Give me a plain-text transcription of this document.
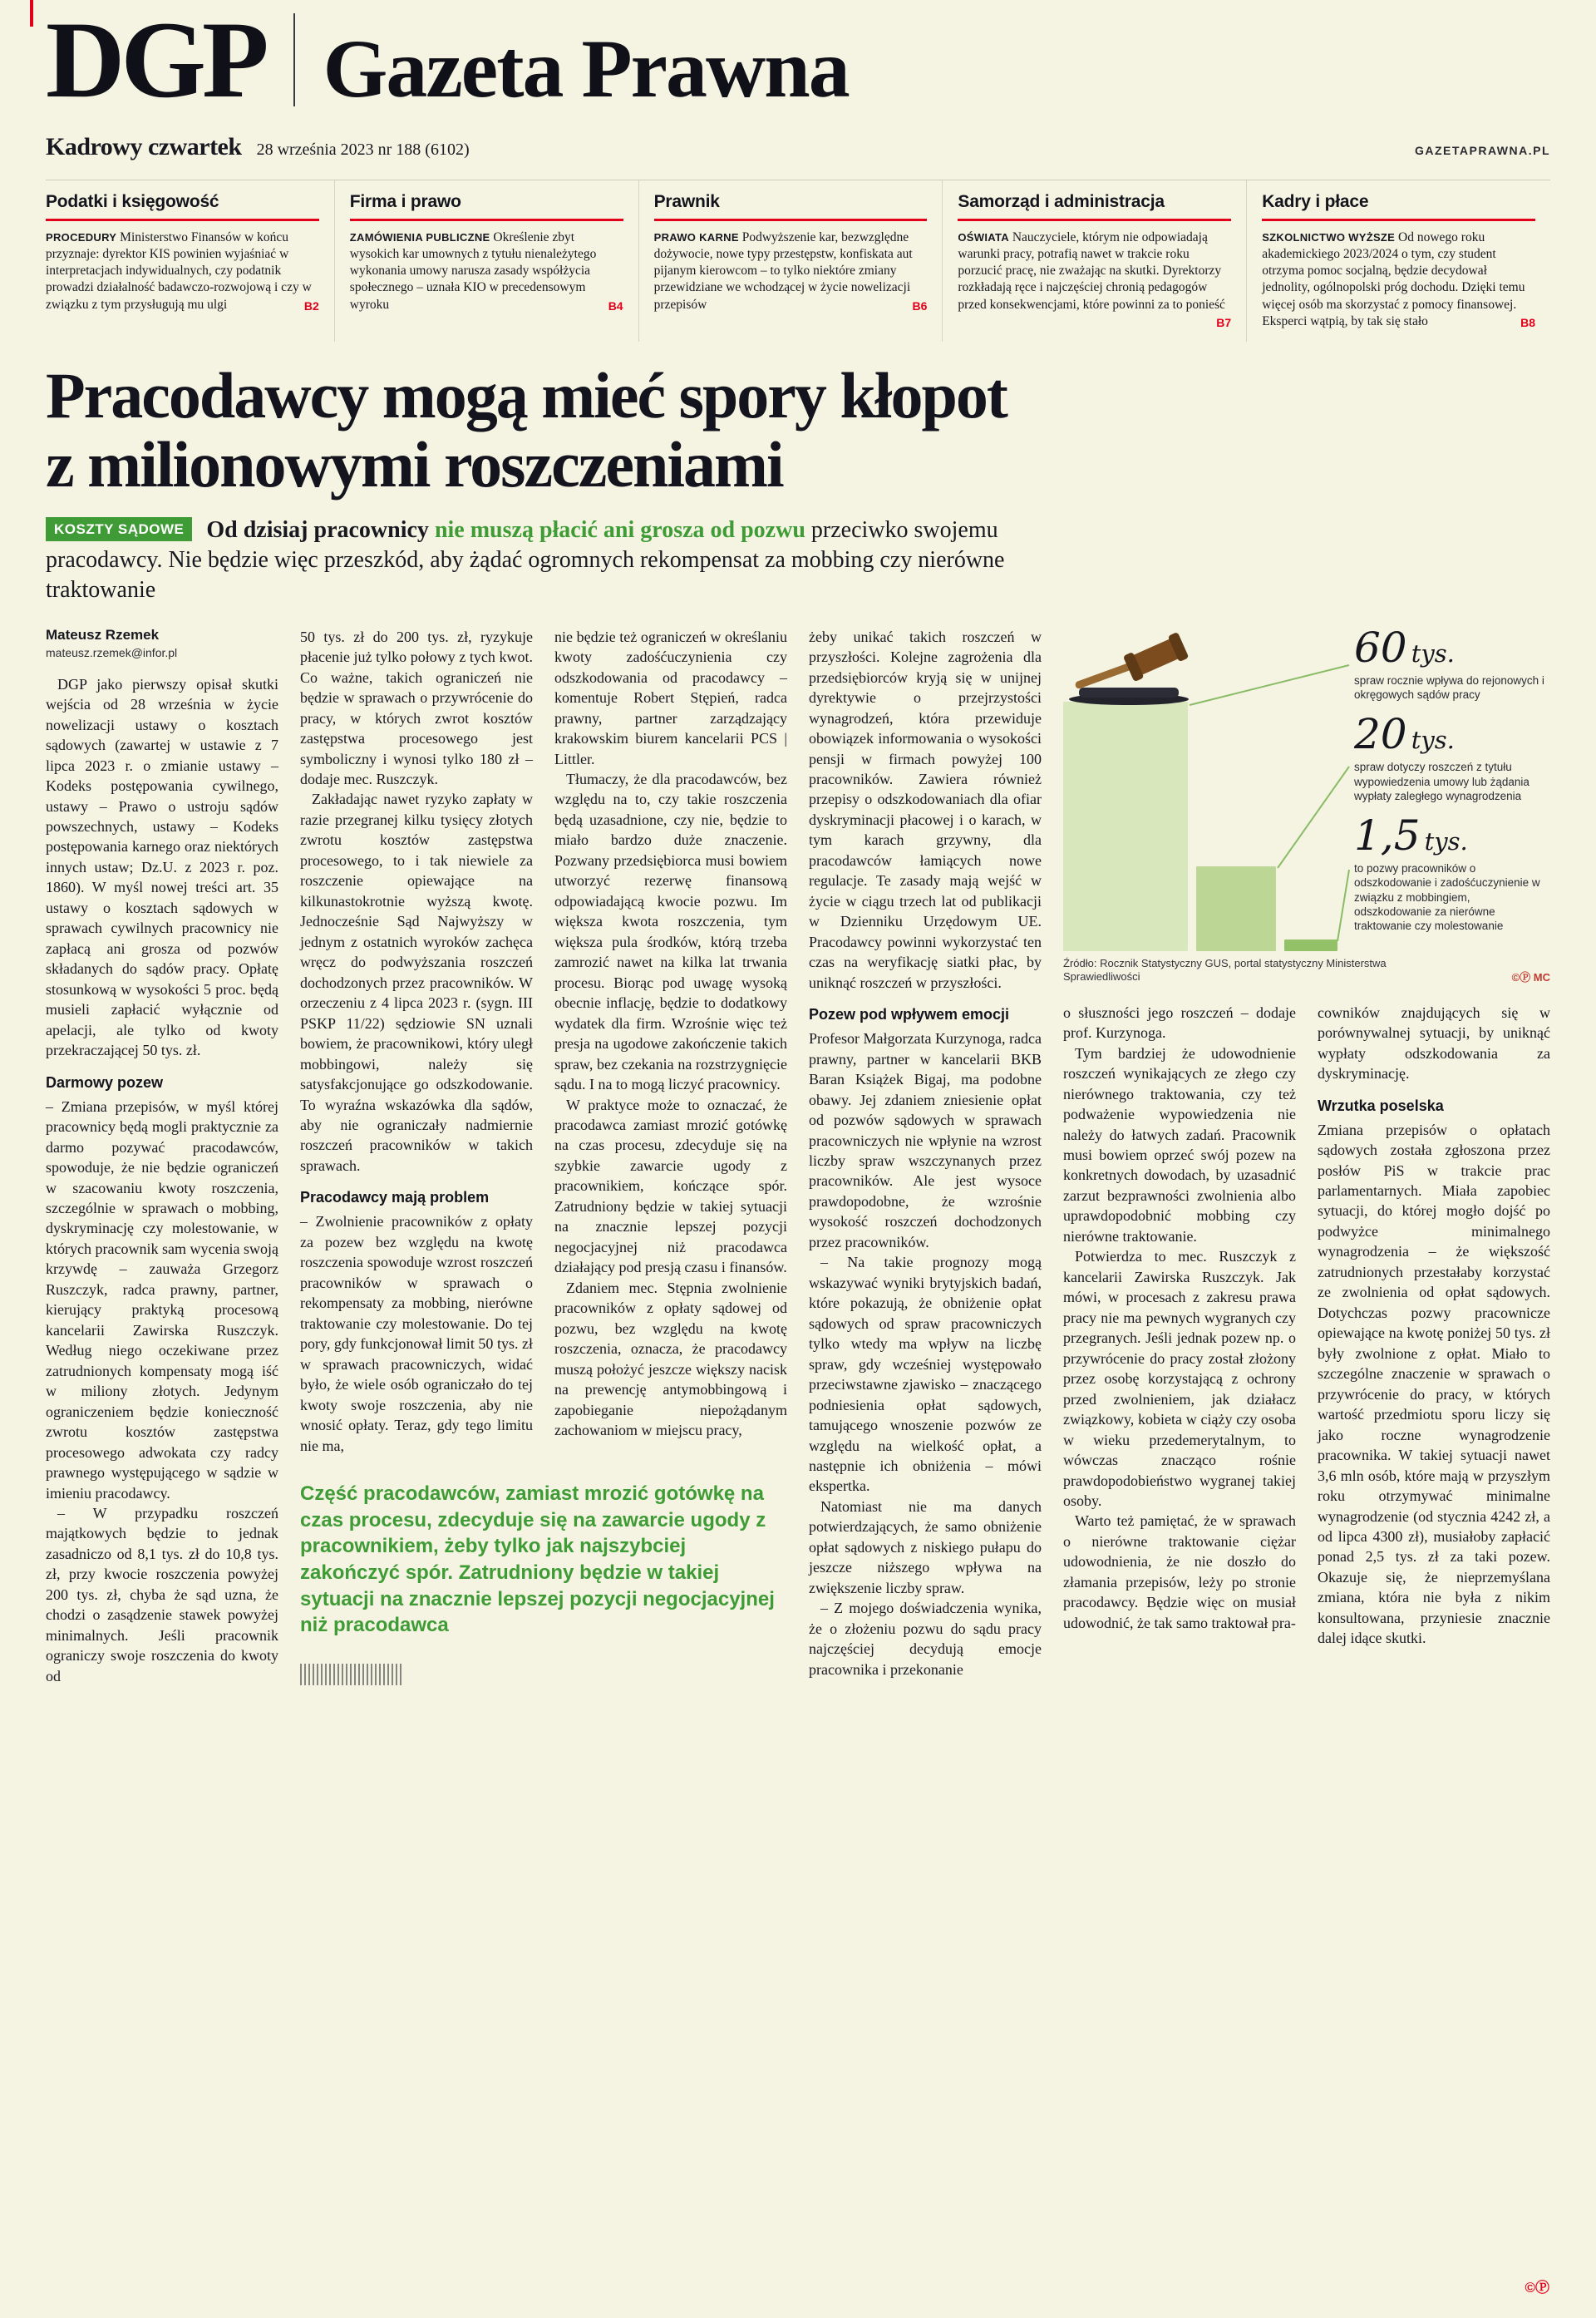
DGP Gazeta Prawna
Kadrowy czwartek 28 września 2023 nr 188 (6102)	GAZETAPRAWNA.PL
Podatki i księgowość
PROCEDURY Ministerstwo Finansów w końcu przyznaje: dyrektor KIS powinien wyjaśniać w interpretacjach indywidualnych, czy podatnik prowadzi działalność badawczo-rozwojową i czy w związku z tym przysługują mu ulgi	B2
Firma i prawo
ZAMÓWIENIA PUBLICZNE Określenie zbyt wysokich kar umownych z tytułu nienależytego wykonania umowy narusza zasady współżycia społecznego – uznała KIO w precedensowym wyroku	B4
Prawnik
PRAWO KARNE Podwyższenie kar, bezwzględne dożywocie, nowe typy przestępstw, konfiskata aut pijanym kierowcom – to tylko niektóre zmiany przewidziane we wchodzącej w życie nowelizacji przepisów	B6
Samorząd i administracja
OŚWIATA Nauczyciele, którym nie odpowiadają warunki pracy, potrafią nawet w trakcie roku porzucić pracę, nie zważając na skutki. Dyrektorzy rozkładają ręce i najczęściej chronią pedagogów przed konsekwencjami, które powinni za to ponieść
B7
Kadry i płace
SZKOLNICTWO WYŻSZE Od nowego roku akademickiego 2023/2024 o tym, czy student otrzyma pomoc socjalną, będzie decydował jednolity, ogólnopolski próg dochodu. Dzięki temu więcej osób ma skorzystać z pomocy finansowej. Eksperci wątpią, by tak się stało	B8
Pracodawcy mogą mieć spory kłopot
z milionowymi roszczeniami

KOSZTY SĄDOWE Od dzisiaj pracownicy nie muszą płacić ani grosza od pozwu przeciwko swojemu pracodawcy. Nie będzie więc przeszkód, aby żądać ogromnych rekompensat za mobbing czy nierówne traktowanie

Mateusz Rzemek
mateusz.rzemek@infor.pl

DGP jako pierwszy opisał skutki wejścia od 28 września w życie nowelizacji ustawy o kosztach sądowych (zawartej w ustawie z 7 lipca 2023 r. o zmianie ustawy – Kodeks postępowania cywilnego, ustawy – Prawo o ustroju sądów powszechnych, ustawy – Kodeks postępowania karnego oraz niektórych innych ustaw; Dz.U. z 2023 r. poz. 1860). W myśl nowej treści art. 35 ustawy o kosztach sądowych w sprawach cywilnych pracownicy nie zapłacą ani grosza od pozwów składanych do sądów pracy. Opłatę stosunkową w wysokości 5 proc. będą musieli zapłacić wyłącznie od apelacji, ale tylko od kwoty przekraczającej 50 tys. zł.

Darmowy pozew

– Zmiana przepisów, w myśl której pracownicy będą mogli praktycznie za darmo pozywać pracodawców, spowoduje, że nie będzie ograniczeń w szacowaniu kwoty roszczenia, szczególnie w sprawach o mobbing, dyskryminację czy molestowanie, w których pracownik sam wycenia swoją krzywdę – zauważa Grzegorz Ruszczyk, radca prawny, partner, kierujący praktyką procesową kancelarii Zawirska Ruszczyk. Według niego oczekiwane przez zatrudnionych kompensaty mogą iść w miliony złotych. Jedynym ograniczeniem będzie konieczność zwrotu kosztów zastępstwa procesowego adwokata czy radcy prawnego występującego w sądzie w imieniu pracodawcy.

– W przypadku roszczeń majątkowych będzie to jednak zasadniczo od 8,1 tys. zł do 10,8 tys. zł, przy kwocie roszczenia powyżej 200 tys. zł, chyba że sąd uzna, że chodzi o zasądzenie stawek powyżej minimalnych. Jeśli pracownik ograniczy swoje roszczenia do kwoty od

50 tys. zł do 200 tys. zł, ryzykuje płacenie już tylko połowy z tych kwot. Co ważne, takich ograniczeń nie będzie w sprawach o przywrócenie do pracy, w których zwrot kosztów zastępstwa procesowego jest symboliczny i wynosi tylko 180 zł – dodaje mec. Ruszczyk.

Zakładając nawet ryzyko zapłaty w razie przegranej kilku tysięcy złotych zwrotu kosztów zastępstwa procesowego, to i tak niewiele za roszczenie opiewające na kilkunastokrotnie wyższą kwotę. Jednocześnie Sąd Najwyższy w jednym z ostatnich wyroków zachęca wręcz do podwyższania roszczeń dochodzonych przez pracowników. W orzeczeniu z 4 lipca 2023 r. (sygn. III PSKP 11/22) sędziowie SN uznali bowiem, że pracownikowi, który uległ mobbingowi, należy się satysfakcjonujące go odszkodowanie. To wyraźna wskazówka dla sądów, aby nie ograniczały nadmiernie roszczeń pracowników w takich sprawach.

Pracodawcy mają problem

– Zwolnienie pracowników z opłaty za pozew bez względu na kwotę roszczenia spowoduje wzrost roszczeń pracowników w sprawach o rekompensaty za mobbing, nierówne traktowanie czy molestowanie. Do tej pory, gdy funkcjonował limit 50 tys. zł w sprawach pracowniczych, widać było, że wiele osób ograniczało do tej kwoty swoje roszczenia, aby nie wnosić opłaty. Teraz, gdy tego limitu nie ma,

nie będzie też ograniczeń w określaniu kwoty zadośćuczynienia czy odszkodowania od pracodawcy – komentuje Robert Stępień, radca prawny, partner zarządzający krakowskim biurem kancelarii PCS | Littler.

Tłumaczy, że dla pracodawców, bez względu na to, czy takie roszczenia będą uzasadnione, czy nie, będzie to miało bardzo duże znaczenie. Pozwany przedsiębiorca musi bowiem utworzyć rezerwę finansową odpowiadającą kwocie pozwu. Im większa kwota roszczenia, tym większa pula środków, którą trzeba zamrozić nawet na kilka lat trwania procesu. Biorąc pod uwagę wysoką obecnie inflację, będzie to dodatkowy wydatek dla firm. Wzrośnie więc też presja na ugodowe zakończenie takich spraw, bez czekania na rozstrzygnięcie sądu. I na to mogą liczyć pracownicy.

W praktyce może to oznaczać, że pracodawca zamiast mrozić gotówkę na czas procesu, zdecyduje się na szybkie zawarcie ugody z pracownikiem, kończące spór. Zatrudniony będzie w takiej sytuacji na znacznie lepszej pozycji negocjacyjnej niż pracodawca działający pod presją czasu i finansów.

Zdaniem mec. Stępnia zwolnienie pracowników z opłaty sądowej od pozwu, bez względu na kwotę roszczenia, oznacza, że pracodawcy muszą położyć jeszcze większy nacisk na prewencję antymobbingową i zapobieganie niepożądanym zachowaniom w miejscu pracy,

Część pracodawców, zamiast mrozić gotówkę na czas procesu, zdecyduje się na zawarcie ugody z pracownikiem, żeby tylko jak najszybciej zakończyć spór. Zatrudniony będzie w takiej sytuacji na znacznie lepszej pozycji negocjacyjnej niż pracodawca

żeby unikać takich roszczeń w przyszłości. Kolejne zagrożenia dla przedsiębiorców kryją się w unijnej dyrektywie o przejrzystości wynagrodzeń, która przewiduje obowiązek informowania o wysokości pensji w firmach powyżej 100 pracowników. Zawiera również przepisy o odszkodowaniach dla ofiar dyskryminacji płacowej i o karach, w tym karach grzywny, dla pracodawców łamiących nowe regulacje. Te zasady mają wejść w życie w ciągu trzech lat od publikacji w Dzienniku Urzędowym UE. Pracodawcy powinni wykorzystać ten czas na weryfikację siatki płac, by uniknąć roszczeń w przyszłości.

Pozew pod wpływem emocji

Profesor Małgorzata Kurzynoga, radca prawny, partner w kancelarii BKB Baran Książek Bigaj, ma podobne obawy. Jej zdaniem zniesienie opłat od pozwów sądowych w sprawach pracowniczych nie wpłynie na wzrost liczby spraw wszczynanych przez pracowników. Ale jest wysoce prawdopodobne, że wzrośnie wysokość roszczeń dochodzonych przez pracowników.

– Na takie prognozy mogą wskazywać wyniki brytyjskich badań, które pokazują, że obniżenie opłat sądowych od spraw pracowniczych tylko wtedy ma wpływ na liczbę spraw, gdy wcześniej występowało przeciwstawne zjawisko – znaczącego podniesienia opłat sądowych, tamującego wnoszenie pozwów ze względu na wielkość opłat, a następnie ich obniżenia – mówi ekspertka.

Natomiast nie ma danych potwierdzających, że samo obniżenie opłat sądowych z niskiego pułapu do jeszcze niższego wpływa na zwiększenie liczby spraw.

– Z mojego doświadczenia wynika, że o złożeniu pozwu do sądu pracy najczęściej decydują emocje pracownika i przekonanie

60 tys.
spraw rocznie wpływa do rejonowych i okręgowych sądów pracy
20 tys.
spraw dotyczy roszczeń z tytułu wypowiedzenia umowy lub żądania wypłaty zaległego wynagrodzenia
1,5 tys.
to pozwy pracowników o odszkodowanie i zadośćuczynienie w związku z mobbingiem, odszkodowanie za nierówne traktowanie czy molestowanie
Źródło: Rocznik Statystyczny GUS, portal statystyczny Ministerstwa Sprawiedliwości	©Ⓟ MC

o słuszności jego roszczeń – dodaje prof. Kurzynoga.

Tym bardziej że udowodnienie roszczeń wynikających ze złego czy nierównego traktowania, czy też podważenie wypowiedzenia nie należy do łatwych zadań. Pracownik musi bowiem oprzeć swój pozew na konkretnych dowodach, by uzasadnić zarzut bezprawności zwolnienia albo uprawdopodobnić mobbing czy nierówne traktowanie.

Potwierdza to mec. Ruszczyk z kancelarii Zawirska Ruszczyk. Jak mówi, w procesach z zakresu prawa pracy nie ma pewnych wygranych czy przegranych. Jeśli jednak pozew np. o przywrócenie do pracy został złożony przez osobę korzystającą z ochrony przed zwolnieniem, jak działacz związkowy, kobieta w ciąży czy osoba w wieku przedemerytalnym, to wówczas znacząco rośnie prawdopodobieństwo wygranej takiej osoby.

Warto też pamiętać, że w sprawach o nierówne traktowanie ciężar udowodnienia, że nie doszło do złamania przepisów, leży po stronie pracodawcy. Będzie więc on musiał udowodnić, że tak samo traktował pra-

cowników znajdujących się w porównywalnej sytuacji, by uniknąć wypłaty odszkodowania za dyskryminację.

Wrzutka poselska

Zmiana przepisów o opłatach sądowych została zgłoszona przez posłów PiS w trakcie prac parlamentarnych. Miała zapobiec sytuacji, do której mogło dojść po podwyżce minimalnego wynagrodzenia – że większość zatrudnionych przestałaby korzystać ze zwolnienia od opłat sądowych. Dotychczas pozwy pracownicze opiewające na kwotę poniżej 50 tys. zł były zwolnione z opłat. Miało to szczególne znaczenie w sprawach o przywrócenie do pracy, w których wartość przedmiotu sporu liczy się jako roczne wynagrodzenie pracownika. W takiej sytuacji nawet 3,6 mln osób, które mają w przyszłym roku otrzymywać minimalne wynagrodzenie (od stycznia 4242 zł, a od lipca 4300 zł), musiałoby zapłacić ponad 2,5 tys. zł za taki pozew. Okazuje się, że nieprzemyślana zmiana, która nie była z nikim konsultowana, przyniesie znacznie dalej idące skutki.

©Ⓟ
